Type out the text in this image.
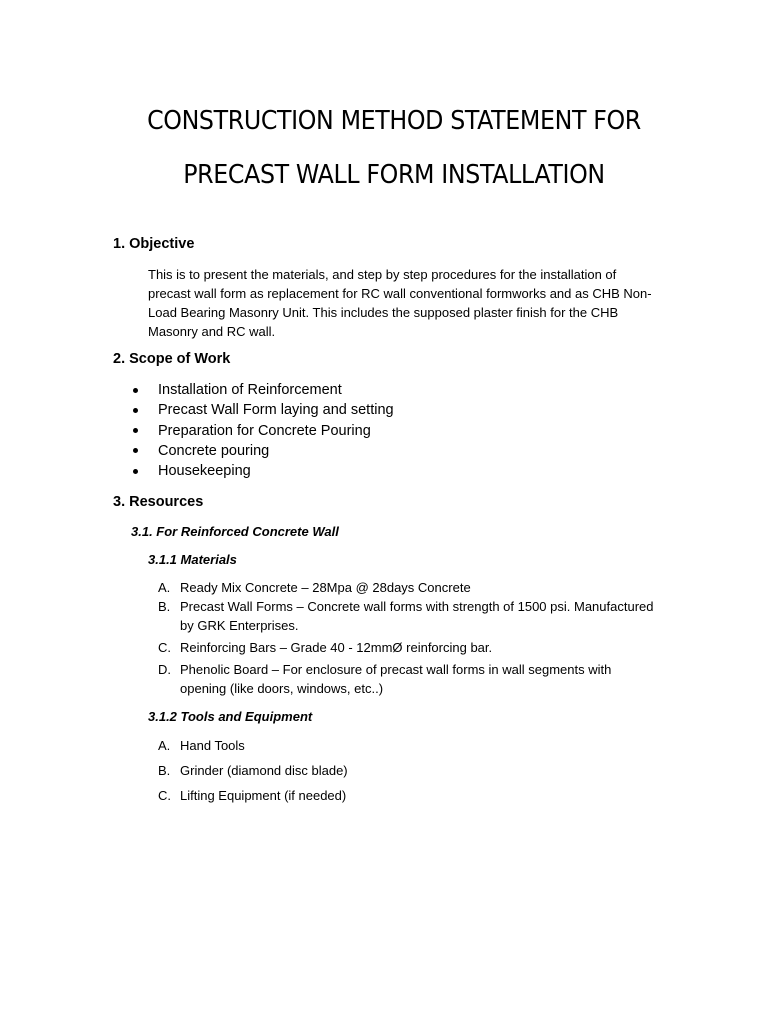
CONSTRUCTION METHOD STATEMENT FOR
PRECAST WALL FORM INSTALLATION
1. Objective

This is to present the materials, and step by step procedures for the installation of precast wall form as replacement for RC wall conventional formworks and as CHB Non-Load Bearing Masonry Unit. This includes the supposed plaster finish for the CHB Masonry and RC wall.

2. Scope of Work
Installation of Reinforcement
Precast Wall Form laying and setting
Preparation for Concrete Pouring
Concrete pouring
Housekeeping
3. Resources
3.1. For Reinforced Concrete Wall
3.1.1 Materials
A. Ready Mix Concrete – 28Mpa @ 28days Concrete
B. Precast Wall Forms – Concrete wall forms with strength of 1500 psi. Manufactured by GRK Enterprises.
C. Reinforcing Bars – Grade 40 - 12mmØ reinforcing bar.
D. Phenolic Board – For enclosure of precast wall forms in wall segments with opening (like doors, windows, etc..)
3.1.2 Tools and Equipment
A. Hand Tools
B. Grinder (diamond disc blade)
C. Lifting Equipment (if needed)
